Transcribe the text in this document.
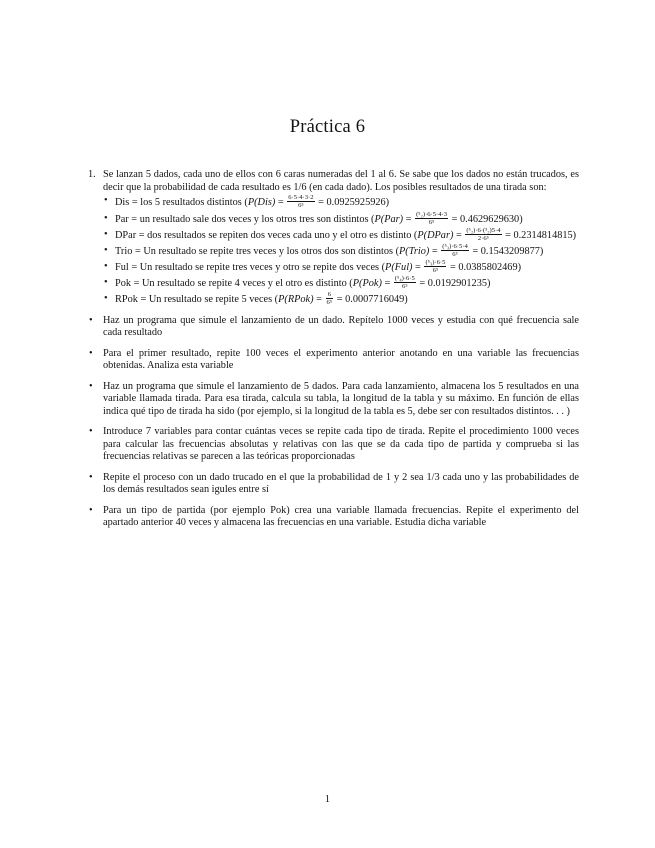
Práctica 6
1. Se lanzan 5 dados, cada uno de ellos con 6 caras numeradas del 1 al 6. Se sabe que los dados no están trucados, es decir que la probabilidad de cada resultado es 1/6 (en cada dado). Los posibles resultados de una tirada son:
• Dis = los 5 resultados distintos $(P(Dis) = \frac{6\cdot 5\cdot 4\cdot 3\cdot 2}{\text{6⁵}} = 0.0925925926)$
• Par = un resultado sale dos veces y los otros tres son distintos $(P(Par) = \frac{\text{(⁵₂)·6·5·4·3}}{\text{6⁵}} = 0.4629629630)$
• DPar = dos resultados se repiten dos veces cada uno y el otro es distinto (P(DPar) = $\frac{\text{(⁵₂)·6·(³₂)5·4}}{\text{2·6⁵}} = 0.2314814815$)
• Trio = Un resultado se repite tres veces y los otros dos son distintos (P(Trio) = $\frac{\text{(⁵₃)·6·5·4}}{\text{6⁵}} = 0.1543209877$)
• Ful = Un resultado se repite tres veces y otro se repite dos veces $(P(Ful) = \frac{\text{(⁵₃)·6·5}}{\text{6⁵}} = 0.0385802469)$
• Pok = Un resultado se repite 4 veces y el otro es distinto $(P(Pok) = \frac{\text{(⁵₄)·6·5}}{\text{6⁵}} = 0.0192901235)$
• RPok = Un resultado se repite 5 veces (P(RPok) = $\frac{6}{\text{6⁵}} = 0.0007716049$)
• Haz un programa que simule el lanzamiento de un dado. Repítelo 1000 veces y estudia con qué frecuencia sale cada resultado
• Para el primer resultado, repite 100 veces el experimento anterior anotando en una variable las frecuencias obtenidas. Analiza esta variable
• Haz un programa que simule el lanzamiento de 5 dados. Para cada lanzamiento, almacena los 5 resultados en una variable llamada tirada. Para esa tirada, calcula su tabla, la longitud de la tabla y su máximo. En función de ellas indica qué tipo de tirada ha sido (por ejemplo, si la longitud de la tabla es 5, debe ser con resultados distintos. . . )
• Introduce 7 variables para contar cuántas veces se repite cada tipo de tirada. Repite el procedimiento 1000 veces para calcular las frecuencias absolutas y relativas con las que se da cada tipo de partida y comprueba si las frecuencias relativas se parecen a las teóricas proporcionadas
• Repite el proceso con un dado trucado en el que la probabilidad de 1 y 2 sea 1/3 cada uno y las probabilidades de los demás resultados sean igules entre sí
• Para un tipo de partida (por ejemplo Pok) crea una variable llamada frecuencias. Repite el experimento del apartado anterior 40 veces y almacena las frecuencias en una variable. Estudia dicha variable
1
